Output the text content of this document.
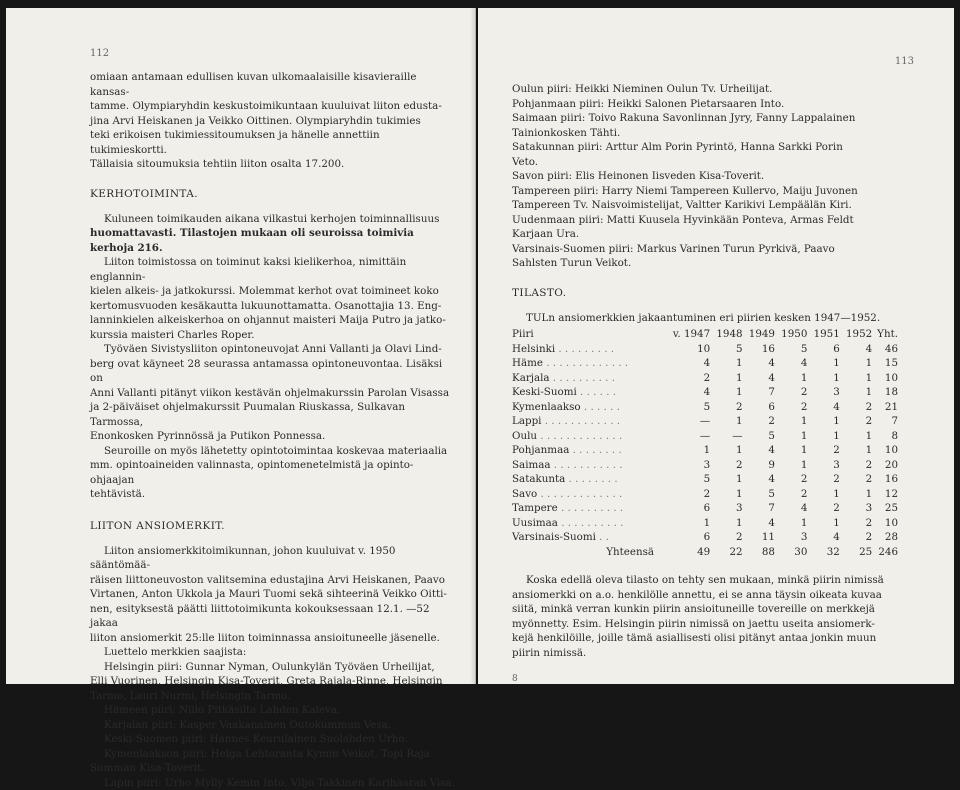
112

omiaan antamaan edullisen kuvan ulkomaalaisille kisavieraille kansas-

tamme. Olympiaryhdin keskustoimikuntaan kuuluivat liiton edusta-

jina Arvi Heiskanen ja Veikko Oittinen. Olympiaryhdin tukimies

teki erikoisen tukimiessitoumuksen ja hänelle annettiin tukimieskortti.

Tällaisia sitoumuksia tehtiin liiton osalta 17.200.

KERHOTOIMINTA.

Kuluneen toimikauden aikana vilkastui kerhojen toiminnallisuus

huomattavasti. Tilastojen mukaan oli seuroissa toimivia kerhoja 216.

Liiton toimistossa on toiminut kaksi kielikerhoa, nimittäin englannin-

kielen alkeis- ja jatkokurssi. Molemmat kerhot ovat toimineet koko

kertomusvuoden kesäkautta lukuunottamatta. Osanottajia 13. Eng-

lanninkielen alkeiskerhoa on ohjannut maisteri Maija Putro ja jatko-

kurssia maisteri Charles Roper.

Työväen Sivistysliiton opintoneuvojat Anni Vallanti ja Olavi Lind-

berg ovat käyneet 28 seurassa antamassa opintoneuvontaa. Lisäksi on

Anni Vallanti pitänyt viikon kestävän ohjelmakurssin Parolan Visassa

ja 2-päiväiset ohjelmakurssit Puumalan Riuskassa, Sulkavan Tarmossa,

Enonkosken Pyrinnössä ja Putikon Ponnessa.

Seuroille on myös lähetetty opintotoimintaa koskevaa materiaalia

mm. opintoaineiden valinnasta, opintomenetelmistä ja opinto-ohjaajan

tehtävistä.

LIITON ANSIOMERKIT.

Liiton ansiomerkkitoimikunnan, johon kuuluivat v. 1950 sääntömää-

räisen liittoneuvoston valitsemina edustajina Arvi Heiskanen, Paavo

Virtanen, Anton Ukkola ja Mauri Tuomi sekä sihteerinä Veikko Oitti-

nen, esityksestä päätti liittotoimikunta kokouksessaan 12.1. —52 jakaa

liiton ansiomerkit 25:lle liiton toiminnassa ansioituneelle jäsenelle.

Luettelo merkkien saajista:

Helsingin piiri: Gunnar Nyman, Oulunkylän Työväen Urheilijat,

Elli Vuorinen, Helsingin Kisa-Toverit, Greta Rajala-Rinne, Helsingin

Tarmo, Lauri Nurmi, Helsingin Tarmo.

Hämeen piiri: Niilo Pitkäsilta Lahden Kaleva.

Karjalan piiri: Kasper Vaakanainen Outokummun Vesa.

Keski-Suomen piiri: Hannes Keurulainen Suolahden Urho.

Kymenlaakson piiri: Helga Lehtoranta Kymin Veikot, Topi Raja

Summan Kisa-Toverit.

Lapin piiri: Urho Mylly Kemin Into, Viljo Takkinen Karihaaran Visa.

113

Oulun piiri: Heikki Nieminen Oulun Tv. Urheilijat.

Pohjanmaan piiri: Heikki Salonen Pietarsaaren Into.

Saimaan piiri: Toivo Rakuna Savonlinnan Jyry, Fanny Lappalainen

Tainionkosken Tähti.

Satakunnan piiri: Arttur Alm Porin Pyrintö, Hanna Sarkki Porin

Veto.

Savon piiri: Elis Heinonen Iisveden Kisa-Toverit.

Tampereen piiri: Harry Niemi Tampereen Kullervo, Maiju Juvonen

Tampereen Tv. Naisvoimistelijat, Valtter Karikivi Lempäälän Kiri.

Uudenmaan piiri: Matti Kuusela Hyvinkään Ponteva, Armas Feldt

Karjaan Ura.

Varsinais-Suomen piiri: Markus Varinen Turun Pyrkivä, Paavo

Sahlsten Turun Veikot.

TILASTO.

TULn ansiomerkkien jakaantuminen eri piirien kesken 1947—1952.

Piiri	v. 1947	1948	1949	1950	1951	1952	Yht.
Helsinki . . . . . . . . .	10	5	16	5	6	4	46
Häme . . . . . . . . . . . . .	4	1	4	4	1	1	15
Karjala . . . . . . . . . .	2	1	4	1	1	1	10
Keski-Suomi . . . . . .	4	1	7	2	3	1	18
Kymenlaakso . . . . . .	5	2	6	2	4	2	21
Lappi . . . . . . . . . . . .	—	1	2	1	1	2	7
Oulu . . . . . . . . . . . . .	—	—	5	1	1	1	8
Pohjanmaa . . . . . . . .	1	1	4	1	2	1	10
Saimaa . . . . . . . . . . .	3	2	9	1	3	2	20
Satakunta . . . . . . . .	5	1	4	2	2	2	16
Savo . . . . . . . . . . . . .	2	1	5	2	1	1	12
Tampere . . . . . . . . . .	6	3	7	4	2	3	25
Uusimaa . . . . . . . . . .	1	1	4	1	1	2	10
Varsinais-Suomi . .	6	2	11	3	4	2	28
Yhteensä	49	22	88	30	32	25	246

Koska edellä oleva tilasto on tehty sen mukaan, minkä piirin nimissä

ansiomerkki on a.o. henkilölle annettu, ei se anna täysin oikeata kuvaa

siitä, minkä verran kunkin piirin ansioituneille tovereille on merkkejä

myönnetty. Esim. Helsingin piirin nimissä on jaettu useita ansiomerk-

kejä henkilöille, joille tämä asiallisesti olisi pitänyt antaa jonkin muun

piirin nimissä.

8
